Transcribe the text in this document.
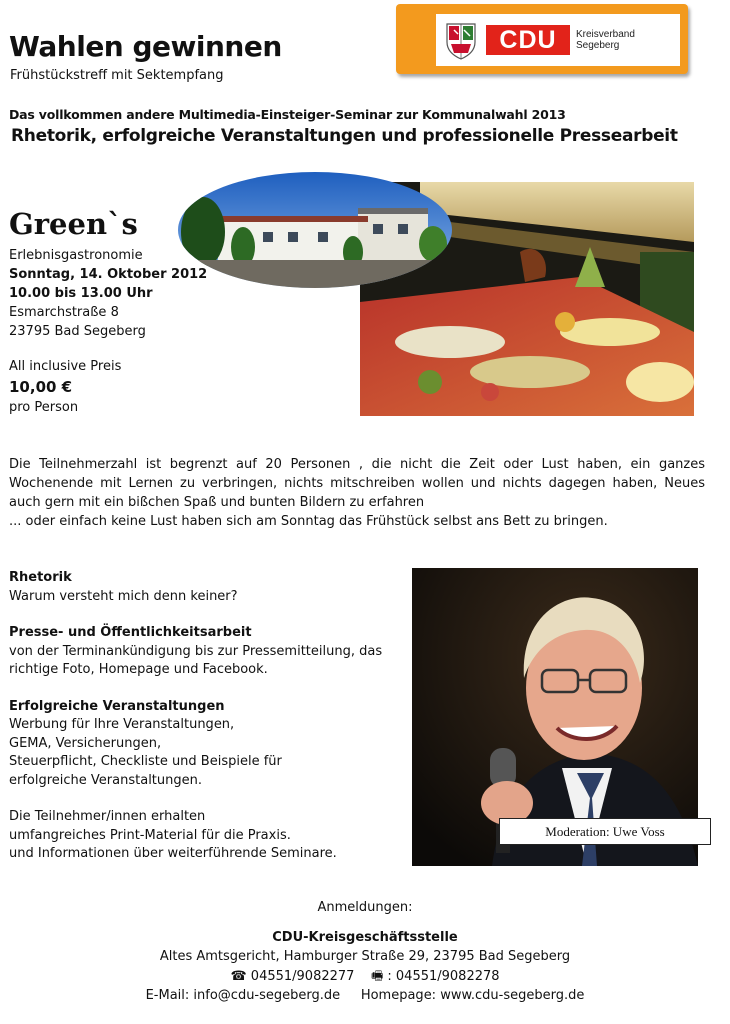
CDU	Kreisverband
Segeberg
Wahlen gewinnen
Frühstückstreff mit Sektempfang
Das vollkommen andere Multimedia-Einsteiger-Seminar zur Kommunalwahl 2013
Rhetorik, erfolgreiche Veranstaltungen und professionelle Pressearbeit
Green`s
Erlebnisgastronomie
Sonntag, 14. Oktober 2012
10.00 bis 13.00 Uhr
Esmarchstraße 8
23795 Bad Segeberg
All inclusive Preis
10,00 €
pro Person
Die Teilnehmerzahl ist begrenzt auf 20 Personen , die nicht die Zeit oder Lust haben, ein ganzes Wochenende mit Lernen zu verbringen, nichts mitschreiben wollen und nichts dagegen haben, Neues auch gern mit ein bißchen Spaß und bunten Bildern zu erfahren
... oder einfach keine Lust haben sich am Sonntag das Frühstück selbst ans Bett zu bringen.
Rhetorik
Warum versteht mich denn keiner?
Presse- und Öffentlichkeitsarbeit
von der Terminankündigung bis zur Pressemitteilung, das
richtige Foto, Homepage und Facebook.
Erfolgreiche Veranstaltungen
Werbung für Ihre Veranstaltungen,
GEMA, Versicherungen,
Steuerpflicht, Checkliste und Beispiele für
erfolgreiche Veranstaltungen.
Die Teilnehmer/innen erhalten
umfangreiches Print-Material für die Praxis.
und Informationen über weiterführende Seminare.
Moderation: Uwe Voss
Anmeldungen:
CDU-Kreisgeschäftsstelle
Altes Amtsgericht, Hamburger Straße 29, 23795 Bad Segeberg
☎ 04551/9082277 🖷 : 04551/9082278
E-Mail: info@cdu-segeberg.de Homepage: www.cdu-segeberg.de
